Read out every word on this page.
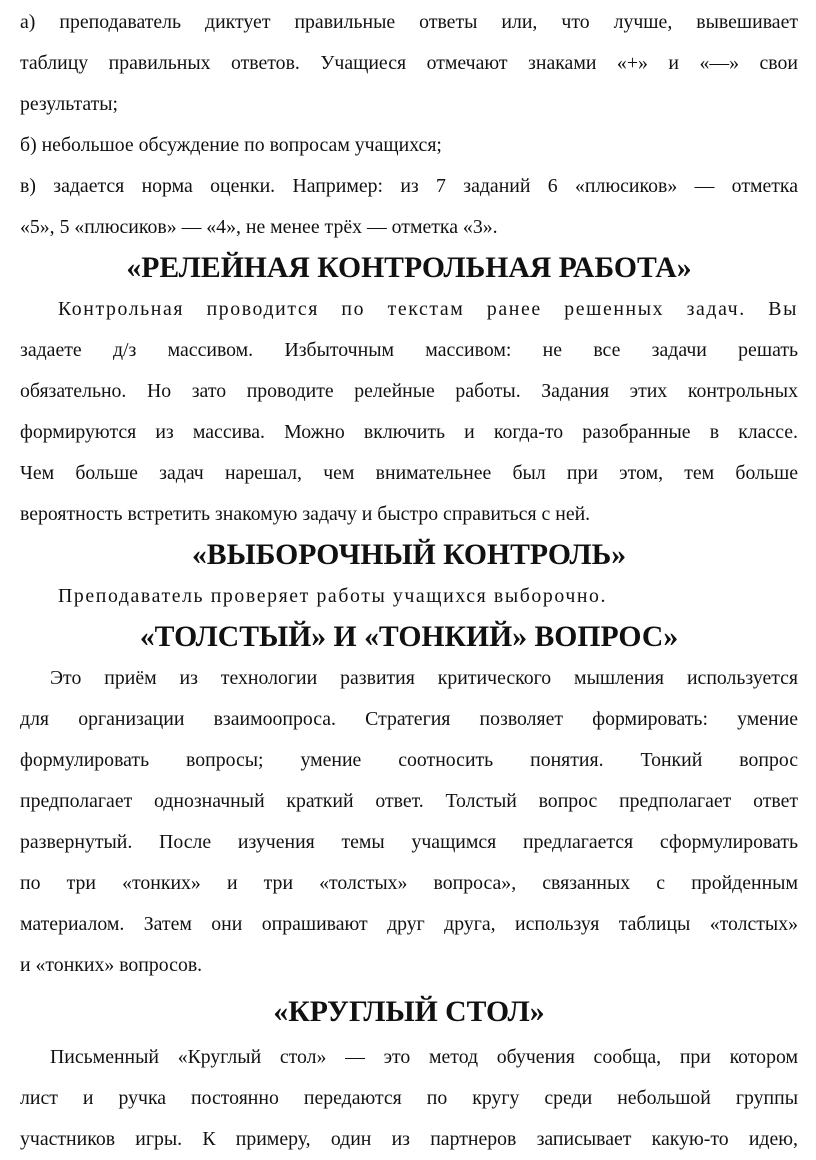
а) преподаватель диктует правильные ответы или, что лучше, вывешивает
таблицу правильных ответов. Учащиеся отмечают знаками «+» и «—» свои
результаты;
б) небольшое обсуждение по вопросам учащихся;
в) задается норма оценки. Например: из 7 заданий 6 «плюсиков» — отметка
«5», 5 «плюсиков» — «4», не менее трёх — отметка «3».
«РЕЛЕЙНАЯ КОНТРОЛЬНАЯ РАБОТА»
Контрольная проводится по текстам ранее решенных задач. Вы
задаете д/з массивом. Избыточным массивом: не все задачи решать
обязательно. Но зато проводите релейные работы. Задания этих контрольных
формируются из массива. Можно включить и когда-то разобранные в классе.
Чем больше задач нарешал, чем внимательнее был при этом, тем больше
вероятность встретить знакомую задачу и быстро справиться с ней.
«ВЫБОРОЧНЫЙ КОНТРОЛЬ»
Преподаватель проверяет работы учащихся выборочно.
«ТОЛСТЫЙ» И «ТОНКИЙ» ВОПРОС»
Это приём из технологии развития критического мышления используется
для организации взаимоопроса. Стратегия позволяет формировать: умение
формулировать вопросы; умение соотносить понятия. Тонкий вопрос
предполагает однозначный краткий ответ. Толстый вопрос предполагает ответ
развернутый. После изучения темы учащимся предлагается сформулировать
по три «тонких» и три «толстых» вопроса», связанных с пройденным
материалом. Затем они опрашивают друг друга, используя таблицы «толстых»
и «тонких» вопросов.
«КРУГЛЫЙ СТОЛ»
Письменный «Круглый стол» — это метод обучения сообща, при котором
лист и ручка постоянно передаются по кругу среди небольшой группы
участников игры. К примеру, один из партнеров записывает какую-то идею,
